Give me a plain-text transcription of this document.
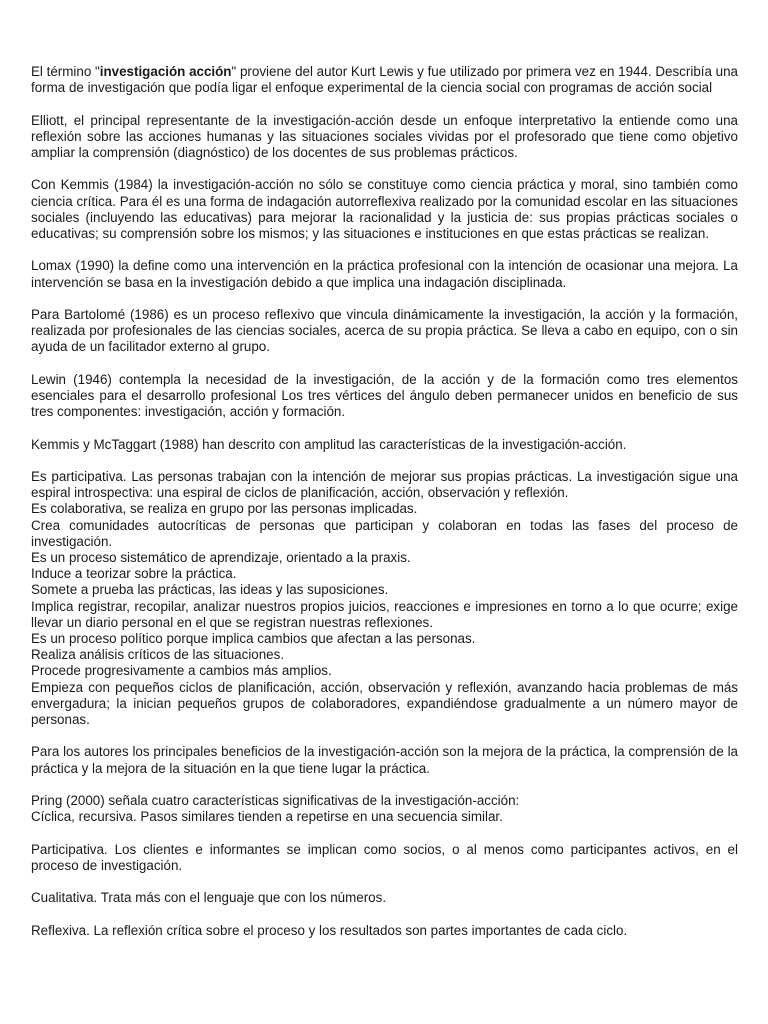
El término "investigación acción" proviene del autor Kurt Lewis y fue utilizado por primera vez en 1944. Describía una forma de investigación que podía ligar el enfoque experimental de la ciencia social con programas de acción social

Elliott, el principal representante de la investigación-acción desde un enfoque interpretativo la entiende como una reflexión sobre las acciones humanas y las situaciones sociales vividas por el profesorado que tiene como objetivo ampliar la comprensión (diagnóstico) de los docentes de sus problemas prácticos.

Con Kemmis (1984) la investigación-acción no sólo se constituye como ciencia práctica y moral, sino también como ciencia crítica. Para él es una forma de indagación autorreflexiva realizado por la comunidad escolar en las situaciones sociales (incluyendo las educativas) para mejorar la racionalidad y la justicia de: sus propias prácticas sociales o educativas; su comprensión sobre los mismos; y las situaciones e instituciones en que estas prácticas se realizan.

Lomax (1990) la define como una intervención en la práctica profesional con la intención de ocasionar una mejora. La intervención se basa en la investigación debido a que implica una indagación disciplinada.

Para Bartolomé (1986) es un proceso reflexivo que vincula dinámicamente la investigación, la acción y la formación, realizada por profesionales de las ciencias sociales, acerca de su propia práctica. Se lleva a cabo en equipo, con o sin ayuda de un facilitador externo al grupo.

Lewin (1946) contempla la necesidad de la investigación, de la acción y de la formación como tres elementos esenciales para el desarrollo profesional Los tres vértices del ángulo deben permanecer unidos en beneficio de sus tres componentes: investigación, acción y formación.

Kemmis y McTaggart (1988) han descrito con amplitud las características de la investigación-acción.

Es participativa. Las personas trabajan con la intención de mejorar sus propias prácticas. La investigación sigue una espiral introspectiva: una espiral de ciclos de planificación, acción, observación y reflexión.

Es colaborativa, se realiza en grupo por las personas implicadas.

Crea comunidades autocríticas de personas que participan y colaboran en todas las fases del proceso de investigación.

Es un proceso sistemático de aprendizaje, orientado a la praxis.

Induce a teorizar sobre la práctica.

Somete a prueba las prácticas, las ideas y las suposiciones.

Implica registrar, recopilar, analizar nuestros propios juicios, reacciones e impresiones en torno a lo que ocurre; exige llevar un diario personal en el que se registran nuestras reflexiones.

Es un proceso político porque implica cambios que afectan a las personas.

Realiza análisis críticos de las situaciones.

Procede progresivamente a cambios más amplios.

Empieza con pequeños ciclos de planificación, acción, observación y reflexión, avanzando hacia problemas de más envergadura; la inician pequeños grupos de colaboradores, expandiéndose gradualmente a un número mayor de personas.

Para los autores los principales beneficios de la investigación-acción son la mejora de la práctica, la comprensión de la práctica y la mejora de la situación en la que tiene lugar la práctica.

Pring (2000) señala cuatro características significativas de la investigación-acción:

Cíclica, recursiva. Pasos similares tienden a repetirse en una secuencia similar.

Participativa. Los clientes e informantes se implican como socios, o al menos como participantes activos, en el proceso de investigación.

Cualitativa. Trata más con el lenguaje que con los números.

Reflexiva. La reflexión crítica sobre el proceso y los resultados son partes importantes de cada ciclo.
